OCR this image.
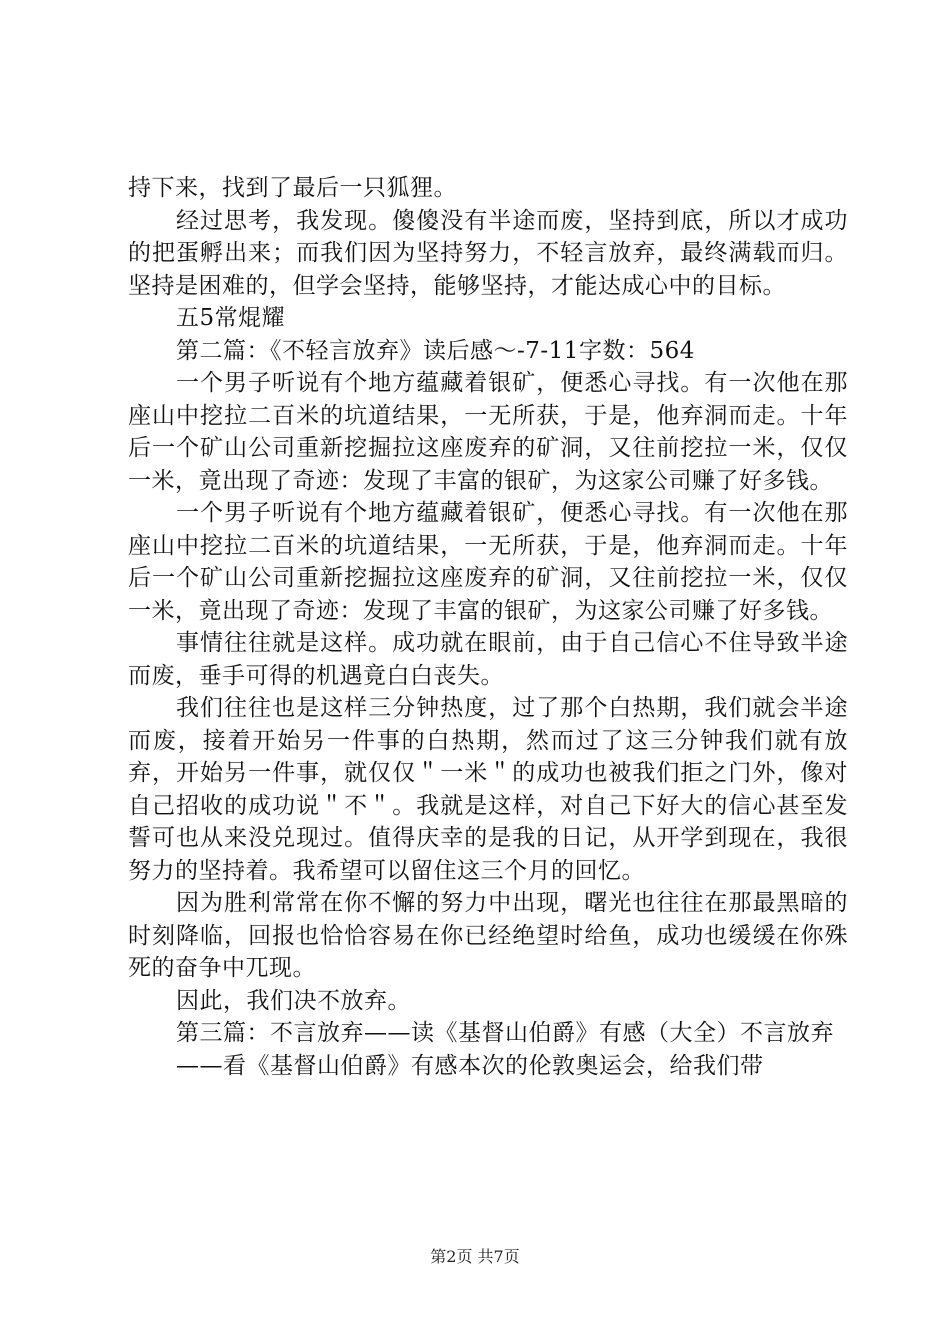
持下来，找到了最后一只狐狸。

经过思考，我发现。傻傻没有半途而废，坚持到底，所以才成功的把蛋孵出来；而我们因为坚持努力，不轻言放弃，最终满载而归。坚持是困难的，但学会坚持，能够坚持，才能达成心中的目标。

五5常焜耀

第二篇：《不轻言放弃》读后感～-7-11字数：564

一个男子听说有个地方蕴藏着银矿，便悉心寻找。有一次他在那座山中挖拉二百米的坑道结果，一无所获，于是，他弃洞而走。十年后一个矿山公司重新挖掘拉这座废弃的矿洞，又往前挖拉一米，仅仅一米，竟出现了奇迹：发现了丰富的银矿，为这家公司赚了好多钱。

一个男子听说有个地方蕴藏着银矿，便悉心寻找。有一次他在那座山中挖拉二百米的坑道结果，一无所获，于是，他弃洞而走。十年后一个矿山公司重新挖掘拉这座废弃的矿洞，又往前挖拉一米，仅仅一米，竟出现了奇迹：发现了丰富的银矿，为这家公司赚了好多钱。

事情往往就是这样。成功就在眼前，由于自己信心不住导致半途而废，垂手可得的机遇竟白白丧失。

我们往往也是这样三分钟热度，过了那个白热期，我们就会半途而废，接着开始另一件事的白热期，然而过了这三分钟我们就有放弃，开始另一件事，就仅仅＂一米＂的成功也被我们拒之门外，像对自己招收的成功说＂不＂。我就是这样，对自己下好大的信心甚至发誓可也从来没兑现过。值得庆幸的是我的日记，从开学到现在，我很努力的坚持着。我希望可以留住这三个月的回忆。

因为胜利常常在你不懈的努力中出现，曙光也往往在那最黑暗的时刻降临，回报也恰恰容易在你已经绝望时给鱼，成功也缓缓在你殊死的奋争中兀现。

因此，我们决不放弃。

第三篇：不言放弃——读《基督山伯爵》有感（大全）不言放弃

——看《基督山伯爵》有感本次的伦敦奥运会，给我们带

第2页 共7页
